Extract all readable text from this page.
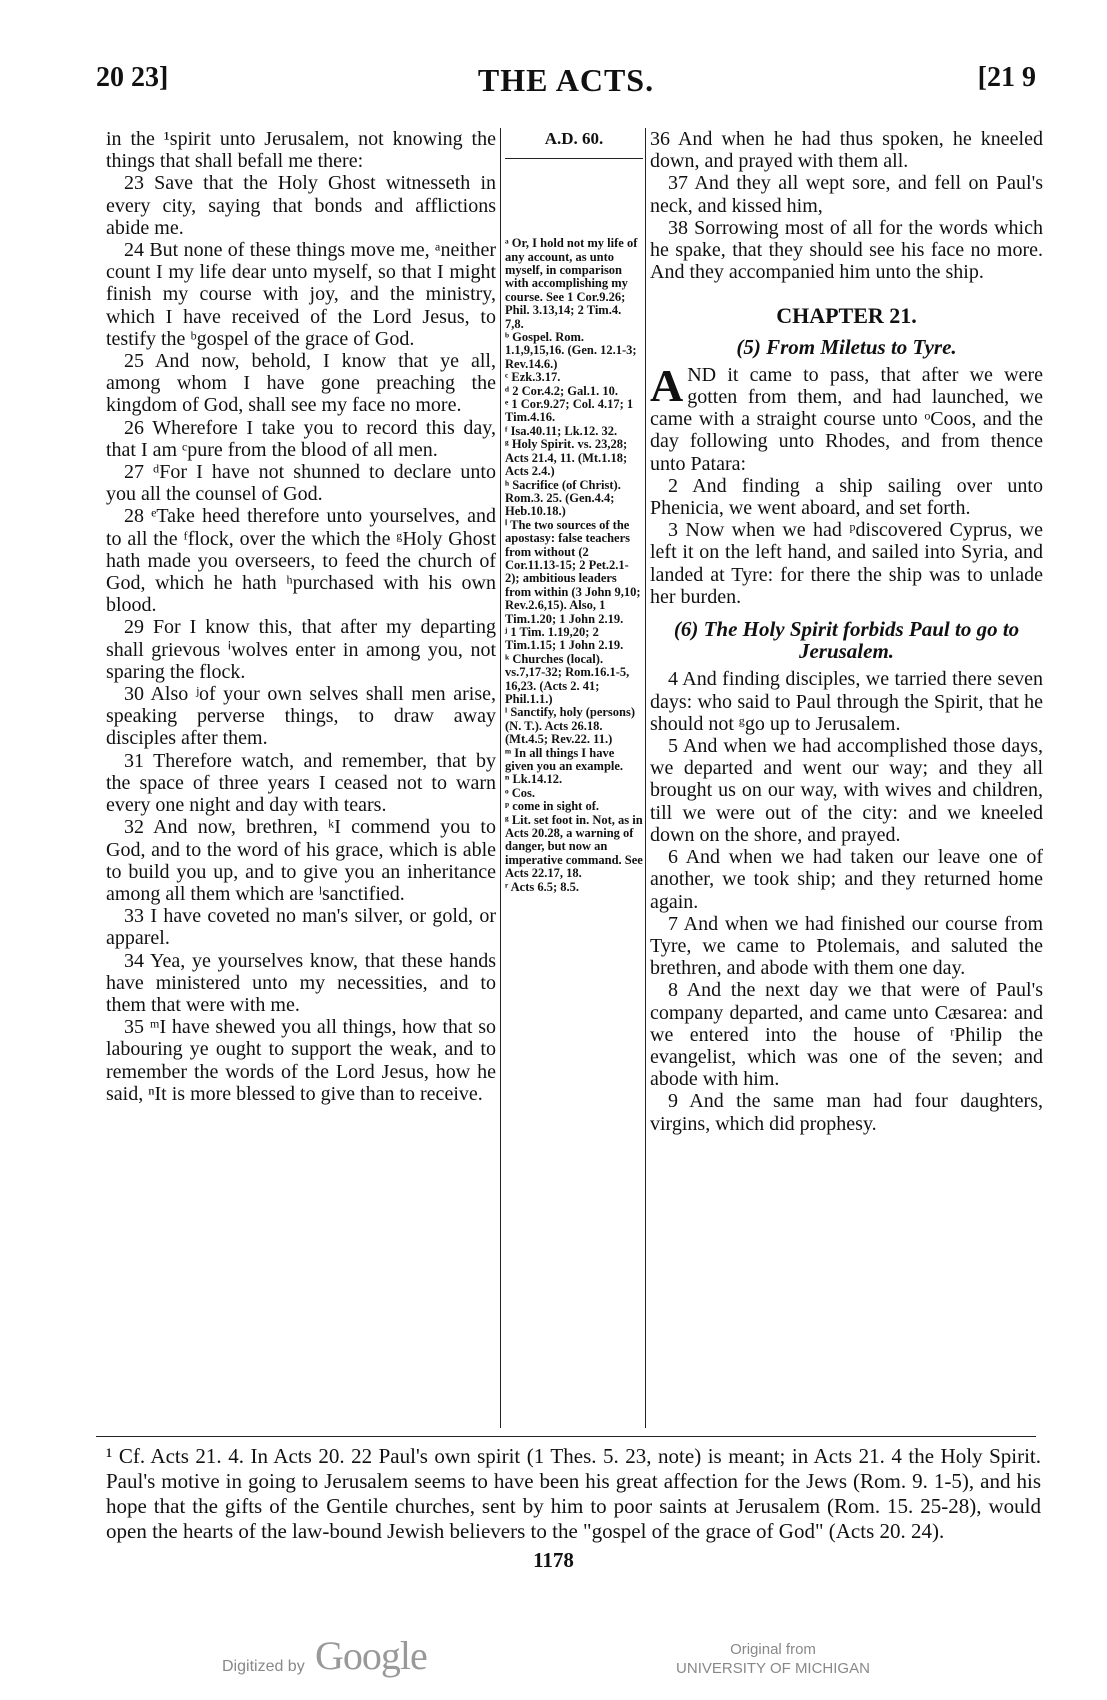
20 23]	THE ACTS.	[21 9

in the ¹spirit unto Jerusalem, not knowing the things that shall befall me there:

23 Save that the Holy Ghost witnesseth in every city, saying that bonds and afflictions abide me.

24 But none of these things move me, ᵃneither count I my life dear unto myself, so that I might finish my course with joy, and the ministry, which I have received of the Lord Jesus, to testify the ᵇgospel of the grace of God.

25 And now, behold, I know that ye all, among whom I have gone preaching the kingdom of God, shall see my face no more.

26 Wherefore I take you to record this day, that I am ᶜpure from the blood of all men.

27 ᵈFor I have not shunned to declare unto you all the counsel of God.

28 ᵉTake heed therefore unto yourselves, and to all the ᶠflock, over the which the ᵍHoly Ghost hath made you overseers, to feed the church of God, which he hath ʰpurchased with his own blood.

29 For I know this, that after my departing shall grievous ⁱwolves enter in among you, not sparing the flock.

30 Also ʲof your own selves shall men arise, speaking perverse things, to draw away disciples after them.

31 Therefore watch, and remember, that by the space of three years I ceased not to warn every one night and day with tears.

32 And now, brethren, ᵏI commend you to God, and to the word of his grace, which is able to build you up, and to give you an inheritance among all them which are ˡsanctified.

33 I have coveted no man's silver, or gold, or apparel.

34 Yea, ye yourselves know, that these hands have ministered unto my necessities, and to them that were with me.

35 ᵐI have shewed you all things, how that so labouring ye ought to support the weak, and to remember the words of the Lord Jesus, how he said, ⁿIt is more blessed to give than to receive.

A.D. 60.

ᵃ Or, I hold not my life of any account, as unto myself, in comparison with accomplishing my course. See 1 Cor.9.26; Phil. 3.13,14; 2 Tim.4. 7,8.

ᵇ Gospel. Rom. 1.1,9,15,16. (Gen. 12.1-3; Rev.14.6.)

ᶜ Ezk.3.17.

ᵈ 2 Cor.4.2; Gal.1. 10.

ᵉ 1 Cor.9.27; Col. 4.17; 1 Tim.4.16.

ᶠ Isa.40.11; Lk.12. 32.

ᵍ Holy Spirit. vs. 23,28; Acts 21.4, 11. (Mt.1.18; Acts 2.4.)

ʰ Sacrifice (of Christ). Rom.3. 25. (Gen.4.4; Heb.10.18.)

ⁱ The two sources of the apostasy: false teachers from without (2 Cor.11.13-15; 2 Pet.2.1-2); ambitious leaders from within (3 John 9,10; Rev.2.6,15). Also, 1 Tim.1.20; 1 John 2.19.

ʲ 1 Tim. 1.19,20; 2 Tim.1.15; 1 John 2.19.

ᵏ Churches (local). vs.7,17-32; Rom.16.1-5, 16,23. (Acts 2. 41; Phil.1.1.)

ˡ Sanctify, holy (persons) (N. T.). Acts 26.18. (Mt.4.5; Rev.22. 11.)

ᵐ In all things I have given you an example.

ⁿ Lk.14.12.

ᵒ Cos.

ᵖ come in sight of.

ᵍ Lit. set foot in. Not, as in Acts 20.28, a warning of danger, but now an imperative command. See Acts 22.17, 18.

ʳ Acts 6.5; 8.5.

36 And when he had thus spoken, he kneeled down, and prayed with them all.

37 And they all wept sore, and fell on Paul's neck, and kissed him,

38 Sorrowing most of all for the words which he spake, that they should see his face no more. And they accompanied him unto the ship.

CHAPTER 21.
(5) From Miletus to Tyre.

AND it came to pass, that after we were gotten from them, and had launched, we came with a straight course unto ᵒCoos, and the day following unto Rhodes, and from thence unto Patara:

2 And finding a ship sailing over unto Phenicia, we went aboard, and set forth.

3 Now when we had ᵖdiscovered Cyprus, we left it on the left hand, and sailed into Syria, and landed at Tyre: for there the ship was to unlade her burden.

(6) The Holy Spirit forbids Paul to go to Jerusalem.

4 And finding disciples, we tarried there seven days: who said to Paul through the Spirit, that he should not ᵍgo up to Jerusalem.

5 And when we had accomplished those days, we departed and went our way; and they all brought us on our way, with wives and children, till we were out of the city: and we kneeled down on the shore, and prayed.

6 And when we had taken our leave one of another, we took ship; and they returned home again.

7 And when we had finished our course from Tyre, we came to Ptolemais, and saluted the brethren, and abode with them one day.

8 And the next day we that were of Paul's company departed, and came unto Cæsarea: and we entered into the house of ʳPhilip the evangelist, which was one of the seven; and abode with him.

9 And the same man had four daughters, virgins, which did prophesy.

¹ Cf. Acts 21. 4. In Acts 20. 22 Paul's own spirit (1 Thes. 5. 23, note) is meant; in Acts 21. 4 the Holy Spirit. Paul's motive in going to Jerusalem seems to have been his great affection for the Jews (Rom. 9. 1-5), and his hope that the gifts of the Gentile churches, sent by him to poor saints at Jerusalem (Rom. 15. 25-28), would open the hearts of the law-bound Jewish believers to the "gospel of the grace of God" (Acts 20. 24).
1178
Digitized by Google	Original from
UNIVERSITY OF MICHIGAN
